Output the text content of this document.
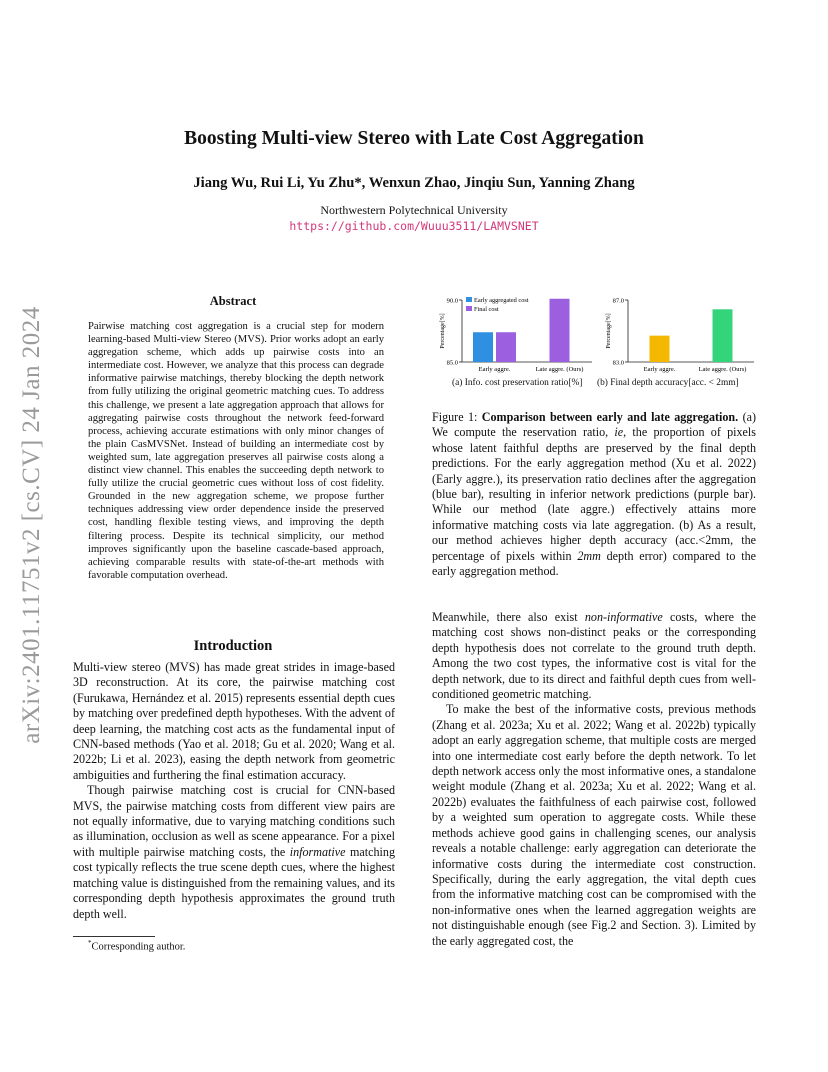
arXiv:2401.11751v2 [cs.CV] 24 Jan 2024
Boosting Multi-view Stereo with Late Cost Aggregation
Jiang Wu, Rui Li, Yu Zhu*, Wenxun Zhao, Jinqiu Sun, Yanning Zhang
Northwestern Polytechnical University
https://github.com/Wuuu3511/LAMVSNET
Abstract
Pairwise matching cost aggregation is a crucial step for modern learning-based Multi-view Stereo (MVS). Prior works adopt an early aggregation scheme, which adds up pairwise costs into an intermediate cost. However, we analyze that this process can degrade informative pairwise matchings, thereby blocking the depth network from fully utilizing the original geometric matching cues. To address this challenge, we present a late aggregation approach that allows for aggregating pairwise costs throughout the network feed-forward process, achieving accurate estimations with only minor changes of the plain CasMVSNet. Instead of building an intermediate cost by weighted sum, late aggregation preserves all pairwise costs along a distinct view channel. This enables the succeeding depth network to fully utilize the crucial geometric cues without loss of cost fidelity. Grounded in the new aggregation scheme, we propose further techniques addressing view order dependence inside the preserved cost, handling flexible testing views, and improving the depth filtering process. Despite its technical simplicity, our method improves significantly upon the baseline cascade-based approach, achieving comparable results with state-of-the-art methods with favorable computation overhead.
Introduction

Multi-view stereo (MVS) has made great strides in image-based 3D reconstruction. At its core, the pairwise matching cost (Furukawa, Hernández et al. 2015) represents essential depth cues by matching over predefined depth hypotheses. With the advent of deep learning, the matching cost acts as the fundamental input of CNN-based methods (Yao et al. 2018; Gu et al. 2020; Wang et al. 2022b; Li et al. 2023), easing the depth network from geometric ambiguities and furthering the final estimation accuracy.

Though pairwise matching cost is crucial for CNN-based MVS, the pairwise matching costs from different view pairs are not equally informative, due to varying matching conditions such as illumination, occlusion as well as scene appearance. For a pixel with multiple pairwise matching costs, the informative matching cost typically reflects the true scene depth cues, where the highest matching value is distinguished from the remaining values, and its corresponding depth hypothesis approximates the ground truth depth well.

*Corresponding author.
85.0
90.0
Percentage[%]
Early aggre.	Late aggre. (Ours)
Early aggregated cost
Final cost
83.0
87.0
Percentage[%]
Early aggre.	Late aggre. (Ours)
(a) Info. cost preservation ratio[%] (b) Final depth accuracy[acc. < 2mm]
Figure 1: Comparison between early and late aggregation. (a) We compute the reservation ratio, ie, the proportion of pixels whose latent faithful depths are preserved by the final depth predictions. For the early aggregation method (Xu et al. 2022) (Early aggre.), its preservation ratio declines after the aggregation (blue bar), resulting in inferior network predictions (purple bar). While our method (late aggre.) effectively attains more informative matching costs via late aggregation. (b) As a result, our method achieves higher depth accuracy (acc.<2mm, the percentage of pixels within 2mm depth error) compared to the early aggregation method.

Meanwhile, there also exist non-informative costs, where the matching cost shows non-distinct peaks or the corresponding depth hypothesis does not correlate to the ground truth depth. Among the two cost types, the informative cost is vital for the depth network, due to its direct and faithful depth cues from well-conditioned geometric matching.

To make the best of the informative costs, previous methods (Zhang et al. 2023a; Xu et al. 2022; Wang et al. 2022b) typically adopt an early aggregation scheme, that multiple costs are merged into one intermediate cost early before the depth network. To let depth network access only the most informative ones, a standalone weight module (Zhang et al. 2023a; Xu et al. 2022; Wang et al. 2022b) evaluates the faithfulness of each pairwise cost, followed by a weighted sum operation to aggregate costs. While these methods achieve good gains in challenging scenes, our analysis reveals a notable challenge: early aggregation can deteriorate the informative costs during the intermediate cost construction. Specifically, during the early aggregation, the vital depth cues from the informative matching cost can be compromised with the non-informative ones when the learned aggregation weights are not distinguishable enough (see Fig.2 and Section. 3). Limited by the early aggregated cost, the
